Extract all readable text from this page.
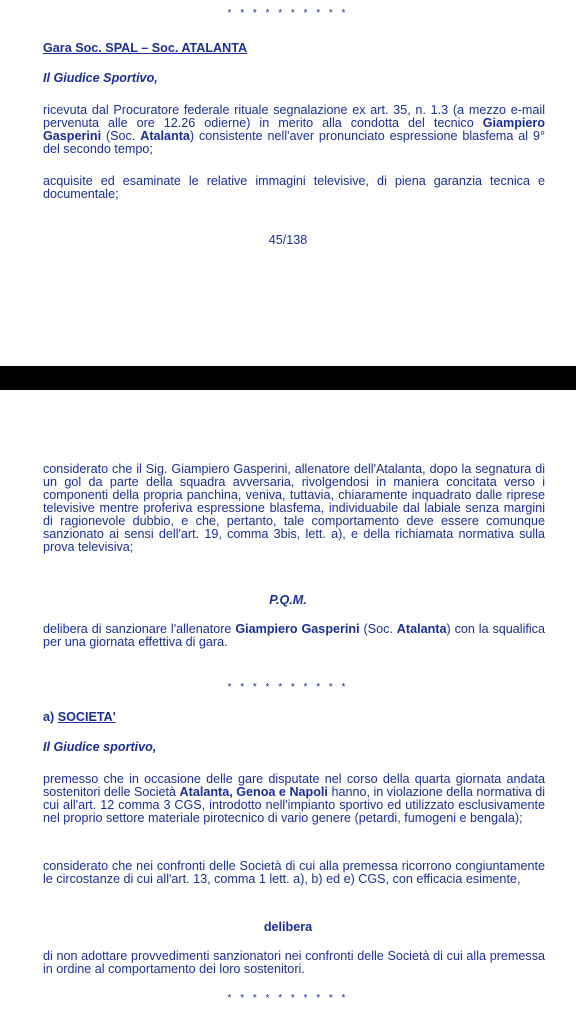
* * * * * * * * * *
Gara Soc. SPAL – Soc. ATALANTA
Il Giudice Sportivo,

ricevuta dal Procuratore federale rituale segnalazione ex art. 35, n. 1.3 (a mezzo e-mail pervenuta alle ore 12.26 odierne) in merito alla condotta del tecnico Giampiero Gasperini (Soc. Atalanta) consistente nell'aver pronunciato espressione blasfema al 9° del secondo tempo;

acquisite ed esaminate le relative immagini televisive, di piena garanzia tecnica e documentale;

45/138

considerato che il Sig. Giampiero Gasperini, allenatore dell'Atalanta, dopo la segnatura di un gol da parte della squadra avversaria, rivolgendosi in maniera concitata verso i componenti della propria panchina, veniva, tuttavia, chiaramente inquadrato dalle riprese televisive mentre proferiva espressione blasfema, individuabile dal labiale senza margini di ragionevole dubbio, e che, pertanto, tale comportamento deve essere comunque sanzionato ai sensi dell'art. 19, comma 3bis, lett. a), e della richiamata normativa sulla prova televisiva;

P.Q.M.

delibera di sanzionare l'allenatore Giampiero Gasperini (Soc. Atalanta) con la squalifica per una giornata effettiva di gara.

* * * * * * * * * *
a) SOCIETA'
Il Giudice sportivo,

premesso che in occasione delle gare disputate nel corso della quarta giornata andata sostenitori delle Società Atalanta, Genoa e Napoli hanno, in violazione della normativa di cui all'art. 12 comma 3 CGS, introdotto nell'impianto sportivo ed utilizzato esclusivamente nel proprio settore materiale pirotecnico di vario genere (petardi, fumogeni e bengala);

considerato che nei confronti delle Società di cui alla premessa ricorrono congiuntamente le circostanze di cui all'art. 13, comma 1 lett. a), b) ed e) CGS, con efficacia esimente,

delibera

di non adottare provvedimenti sanzionatori nei confronti delle Società di cui alla premessa in ordine al comportamento dei loro sostenitori.

* * * * * * * * * *
